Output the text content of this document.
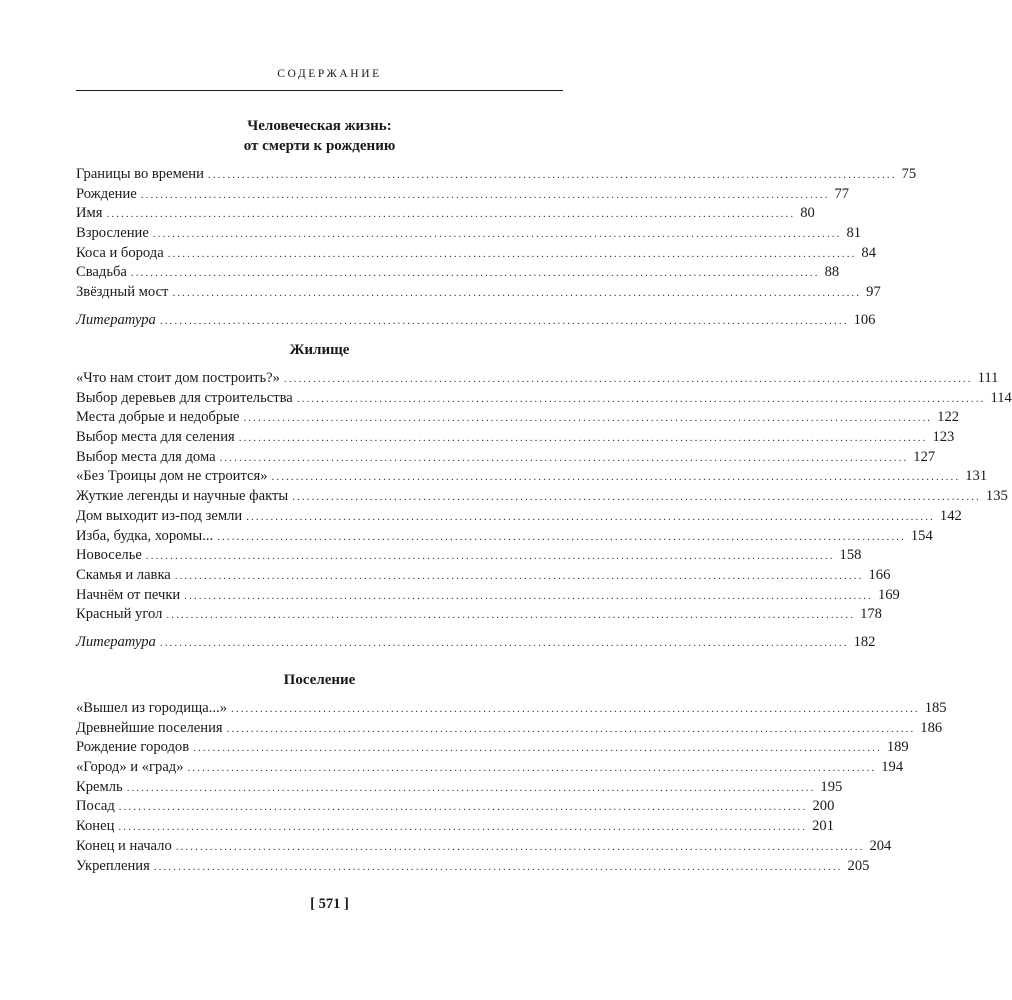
СОДЕРЖАНИЕ
Человеческая жизнь:
от смерти к рождению
Границы во времени .............................................................................................................................................. 75
Рождение .............................................................................................................................................. 77
Имя .............................................................................................................................................. 80
Взросление .............................................................................................................................................. 81
Коса и борода .............................................................................................................................................. 84
Свадьба .............................................................................................................................................. 88
Звёздный мост .............................................................................................................................................. 97
Литература .............................................................................................................................................. 106
Жилище
«Что нам стоит дом построить?» .............................................................................................................................................. 111
Выбор деревьев для строительства .............................................................................................................................................. 114
Места добрые и недобрые .............................................................................................................................................. 122
Выбор места для селения .............................................................................................................................................. 123
Выбор места для дома .............................................................................................................................................. 127
«Без Троицы дом не строится» .............................................................................................................................................. 131
Жуткие легенды и научные факты .............................................................................................................................................. 135
Дом выходит из-под земли .............................................................................................................................................. 142
Изба, будка, хоромы... .............................................................................................................................................. 154
Новоселье .............................................................................................................................................. 158
Скамья и лавка .............................................................................................................................................. 166
Начнём от печки .............................................................................................................................................. 169
Красный угол .............................................................................................................................................. 178
Литература .............................................................................................................................................. 182
Поселение
«Вышел из городища...» .............................................................................................................................................. 185
Древнейшие поселения .............................................................................................................................................. 186
Рождение городов .............................................................................................................................................. 189
«Город» и «град» .............................................................................................................................................. 194
Кремль .............................................................................................................................................. 195
Посад .............................................................................................................................................. 200
Конец .............................................................................................................................................. 201
Конец и начало .............................................................................................................................................. 204
Укрепления .............................................................................................................................................. 205
[ 571 ]
